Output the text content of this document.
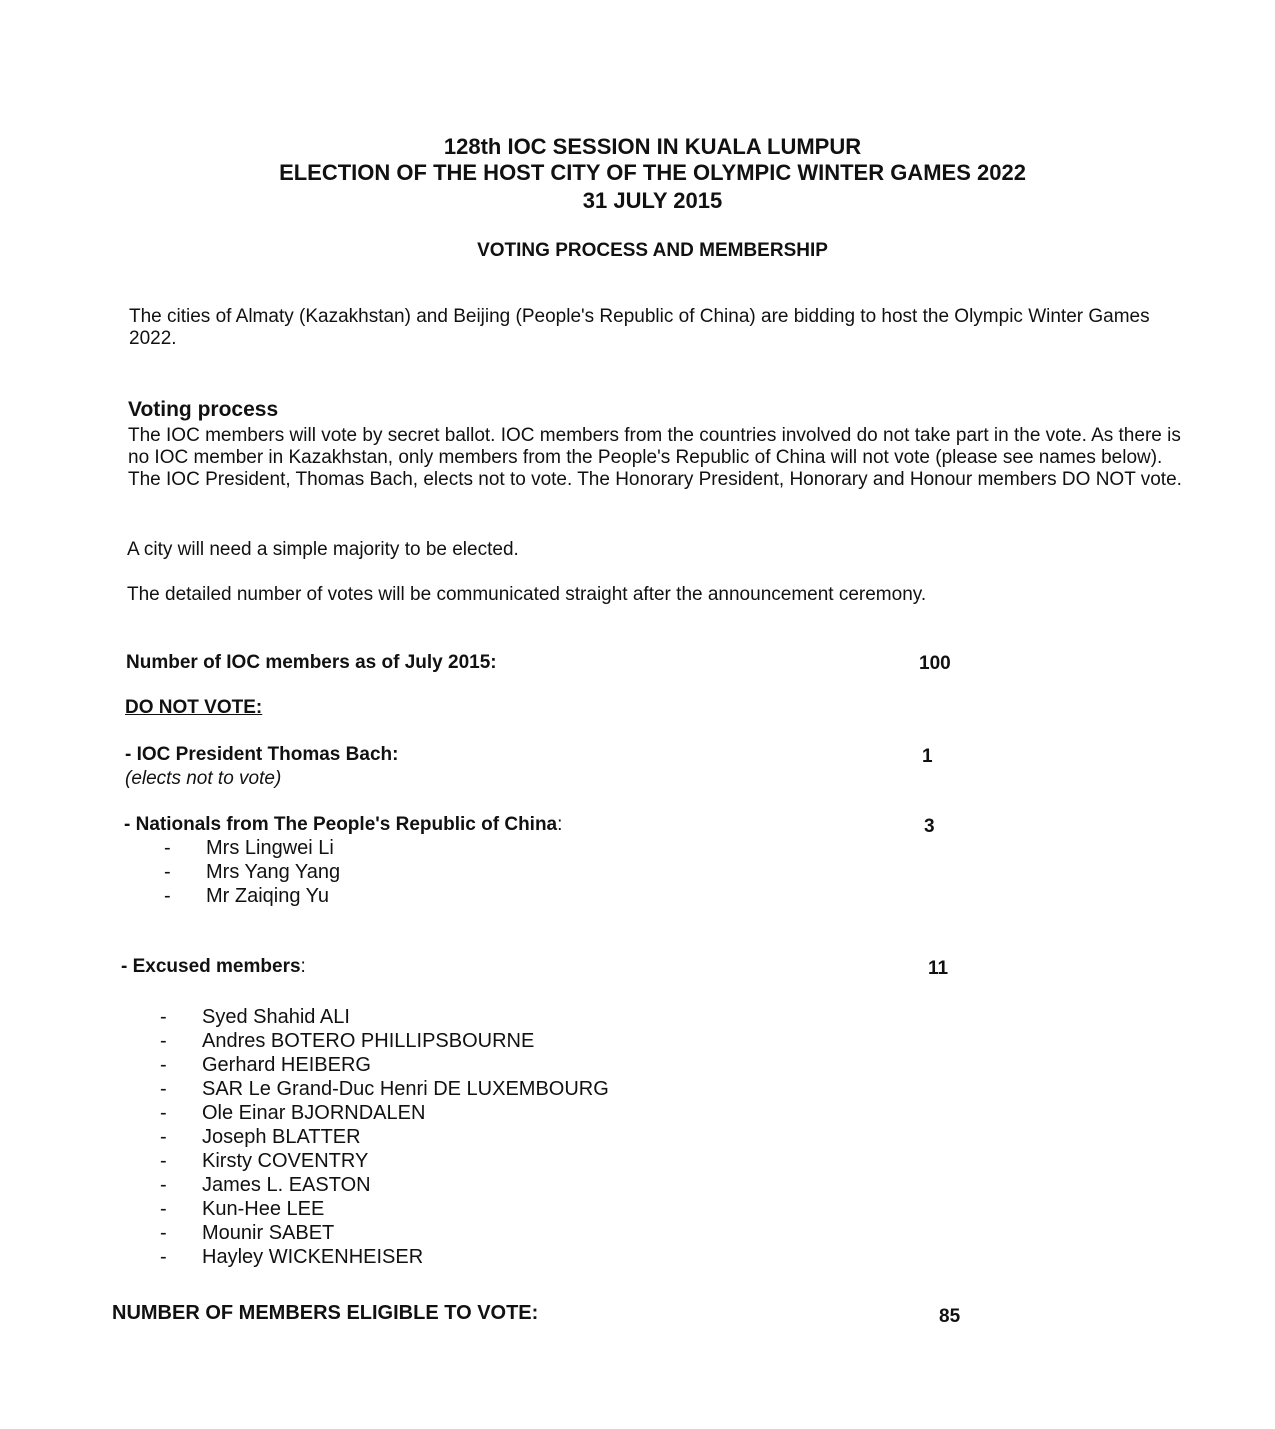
128th IOC SESSION IN KUALA LUMPUR
ELECTION OF THE HOST CITY OF THE OLYMPIC WINTER GAMES 2022
31 JULY 2015
VOTING PROCESS AND MEMBERSHIP
The cities of Almaty (Kazakhstan) and Beijing (People's Republic of China) are bidding to host the Olympic Winter Games 2022.
Voting process
The IOC members will vote by secret ballot. IOC members from the countries involved do not take part in the vote. As there is no IOC member in Kazakhstan, only members from the People's Republic of China will not vote (please see names below). The IOC President, Thomas Bach, elects not to vote. The Honorary President, Honorary and Honour members DO NOT vote.
A city will need a simple majority to be elected.
The detailed number of votes will be communicated straight after the announcement ceremony.
Number of IOC members as of July 2015:	100
DO NOT VOTE:
- IOC President Thomas Bach:	1
(elects not to vote)
- Nationals from The People's Republic of China:	3
- Mrs Lingwei Li
- Mrs Yang Yang
- Mr Zaiqing Yu
- Excused members:	11
- Syed Shahid ALI
- Andres BOTERO PHILLIPSBOURNE
- Gerhard HEIBERG
- SAR Le Grand-Duc Henri DE LUXEMBOURG
- Ole Einar BJORNDALEN
- Joseph BLATTER
- Kirsty COVENTRY
- James L. EASTON
- Kun-Hee LEE
- Mounir SABET
- Hayley WICKENHEISER
NUMBER OF MEMBERS ELIGIBLE TO VOTE:	85
